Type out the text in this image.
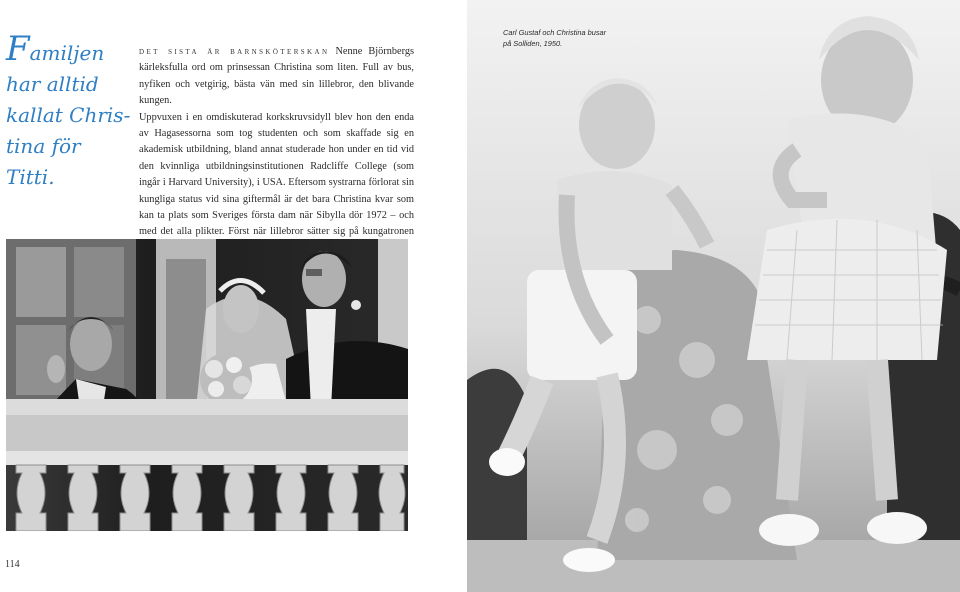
Familjen har alltid kallat Christina för Titti.

det sista är barnsköterskan Nenne Björnbergs kärleksfulla ord om prinsessan Christina som liten. Full av bus, nyfiken och vetgirig, bästa vän med sin lillebror, den blivande kungen.
Uppvuxen i en omdiskuterad korkskruvsidyll blev hon den enda av Hagasessorna som tog studenten och som skaffade sig en akademisk utbildning, bland annat studerade hon under en tid vid den kvinnliga utbildningsinstitutionen Radcliffe College (som ingår i Harvard University), i USA. Eftersom systrarna förlorat sin kungliga status vid sina giftermål är det bara Christina kvar som kan ta plats som Sveriges första dam när Sibylla dör 1972 – och med det alla plikter. Först när lillebror sätter sig på kungatronen

Carl Gustaf och Christina busar
på Solliden, 1950.
114
